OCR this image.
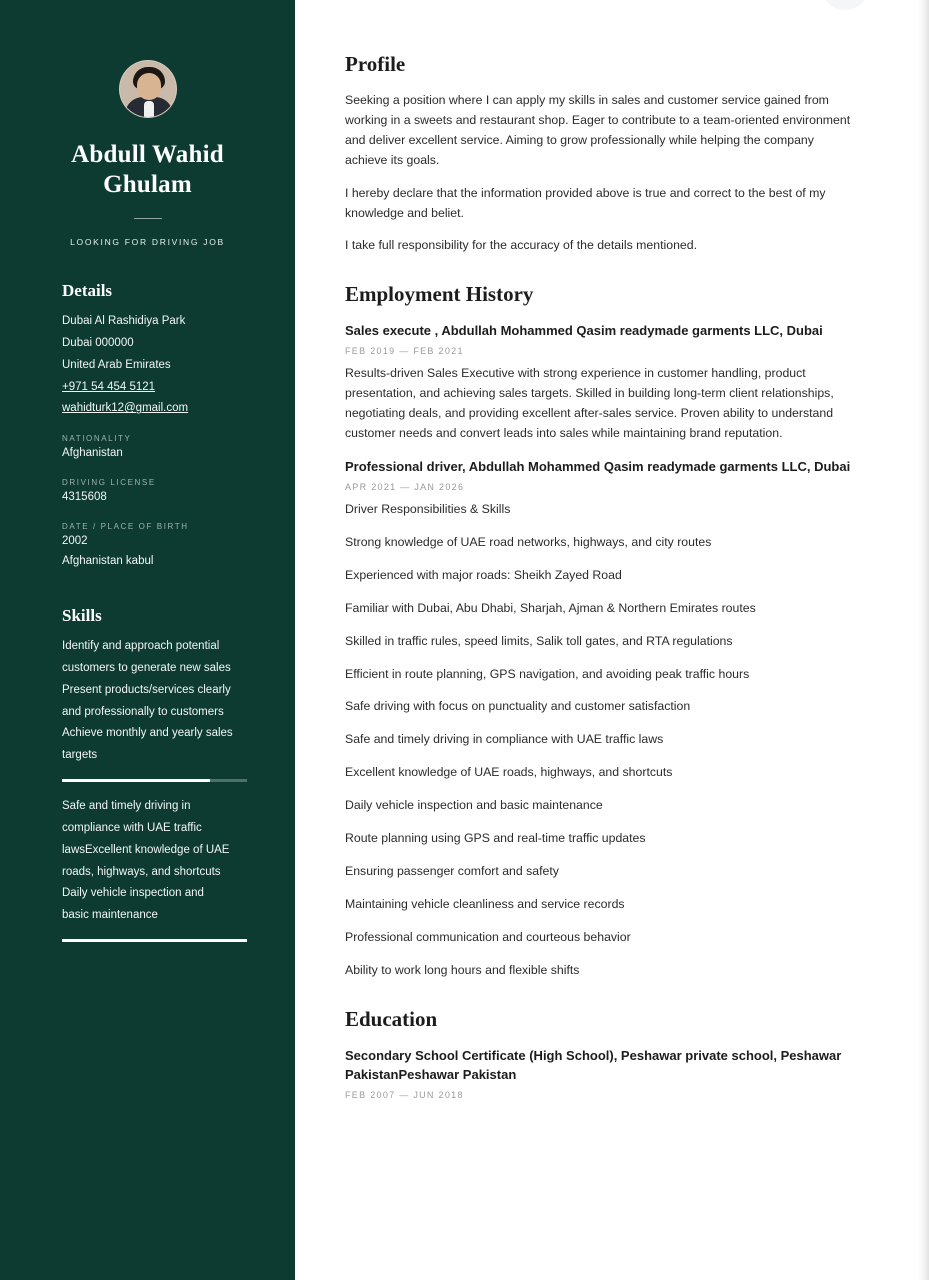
Abdull Wahid Ghulam
LOOKING FOR DRIVING JOB
Details
Dubai Al Rashidiya Park
Dubai 000000
United Arab Emirates
+971 54 454 5121
wahidturk12@gmail.com
NATIONALITY
Afghanistan
DRIVING LICENSE
4315608
DATE / PLACE OF BIRTH
2002
Afghanistan kabul
Skills
Identify and approach potential customers to generate new sales Present products/services clearly and professionally to customers Achieve monthly and yearly sales targets
Safe and timely driving in compliance with UAE traffic lawsExcellent knowledge of UAE roads, highways, and shortcuts Daily vehicle inspection and basic maintenance
Profile

Seeking a position where I can apply my skills in sales and customer service gained from working in a sweets and restaurant shop. Eager to contribute to a team-oriented environment and deliver excellent service. Aiming to grow professionally while helping the company achieve its goals.

I hereby declare that the information provided above is true and correct to the best of my knowledge and beliet.

I take full responsibility for the accuracy of the details mentioned.

Employment History
Sales execute , Abdullah Mohammed Qasim readymade garments LLC, Dubai
FEB 2019 — FEB 2021

Results-driven Sales Executive with strong experience in customer handling, product presentation, and achieving sales targets. Skilled in building long-term client relationships, negotiating deals, and providing excellent after-sales service. Proven ability to understand customer needs and convert leads into sales while maintaining brand reputation.

Professional driver, Abdullah Mohammed Qasim readymade garments LLC, Dubai
APR 2021 — JAN 2026

Driver Responsibilities & Skills

Strong knowledge of UAE road networks, highways, and city routes

Experienced with major roads: Sheikh Zayed Road

Familiar with Dubai, Abu Dhabi, Sharjah, Ajman & Northern Emirates routes

Skilled in traffic rules, speed limits, Salik toll gates, and RTA regulations

Efficient in route planning, GPS navigation, and avoiding peak traffic hours

Safe driving with focus on punctuality and customer satisfaction

Safe and timely driving in compliance with UAE traffic laws

Excellent knowledge of UAE roads, highways, and shortcuts

Daily vehicle inspection and basic maintenance

Route planning using GPS and real-time traffic updates

Ensuring passenger comfort and safety

Maintaining vehicle cleanliness and service records

Professional communication and courteous behavior

Ability to work long hours and flexible shifts

Education
Secondary School Certificate (High School), Peshawar private school, Peshawar PakistanPeshawar Pakistan
FEB 2007 — JUN 2018
